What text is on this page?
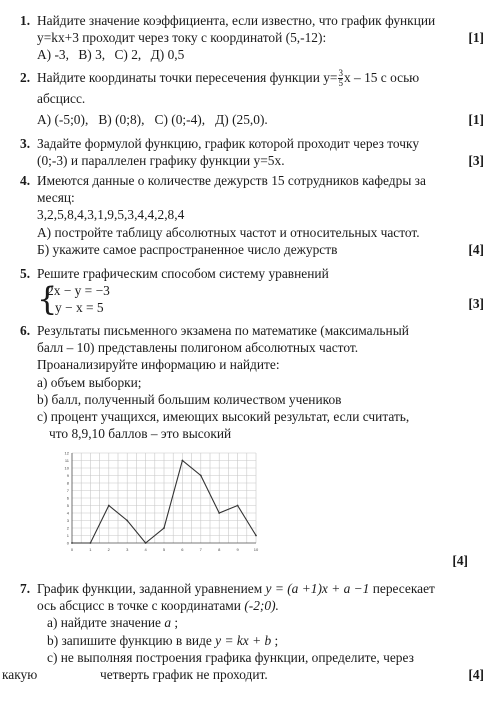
1. Найдите значение коэффициента, если известно, что график функции
y=kx+3 проходит через току с координатой (5,-12):	[1]
A) -3, B) 3, C) 2, Д) 0,5
2. Найдите координаты точки пересечения функции $y= \frac{3}{5}$ x – 15 с осью
абсцисс.
A) (-5;0),   B) (0;8),   C) (0;-4),   Д) (25,0).	[1]
3. Задайте формулой функцию, график которой проходит через точку
(0;-3) и параллелен графику функции y=5x.	[3]
4. Имеются данные о количестве дежурств 15 сотрудников кафедры за
месяц:
3,2,5,8,4,3,1,9,5,3,4,4,2,8,4
А) постройте таблицу абсолютных частот и относительных частот.
Б) укажите самое распространенное число дежурств	[4]
5. Решите графическим способом систему уравнений
{
2x − y = −3
y − x = 5	[3]
6. Результаты письменного экзамена по математике (максимальный
балл – 10) представлены полигоном абсолютных частот.
Проанализируйте информацию и найдите:
a) объем выборки;
b) балл, полученный большим количеством учеников
c) процент учащихся, имеющих высокий результат, если считать,
что 8,9,10 баллов – это высокий
0	1	2	3	4	5	6	7	8	9	10
0
1
2
3
4
5
6
7
8
9
10
11
12
[4]
7. График функции, заданной уравнением y = (a +1)x + a −1 пересекает
ось абсцисс в точке с координатами (-2;0).
a) найдите значение a ;
b) запишите функцию в виде y = kx + b ;
c) не выполняя построения графика функции, определите, через
какую	четверть график не проходит.	[4]
